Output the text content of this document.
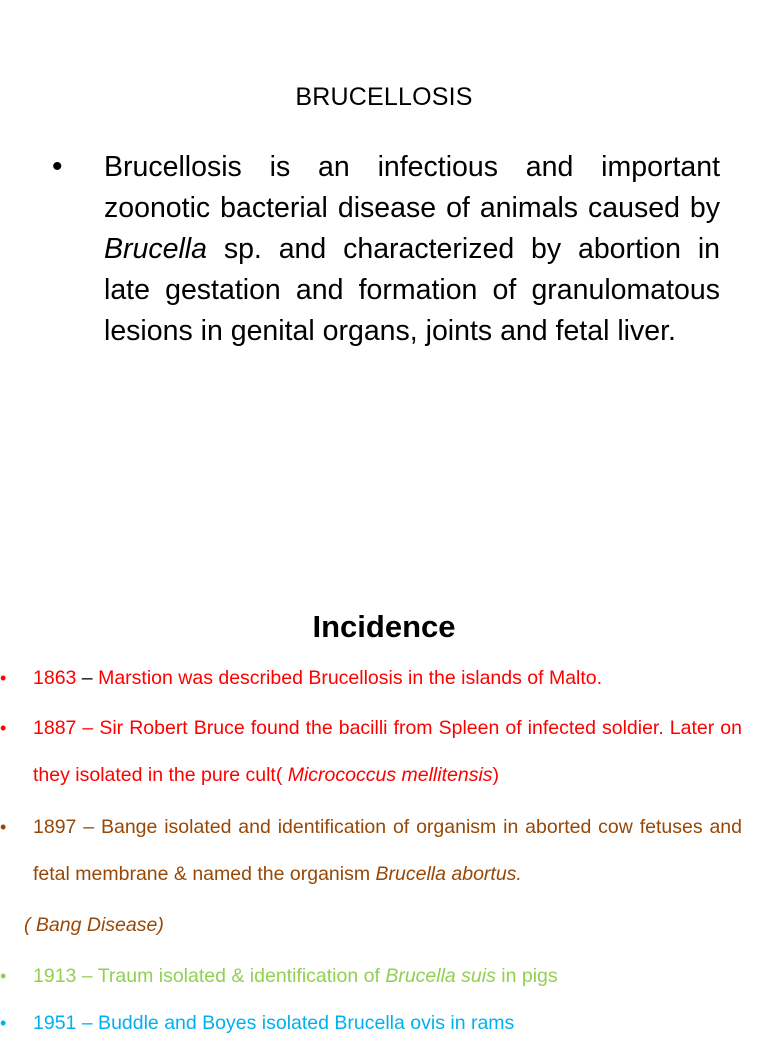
BRUCELLOSIS
• Brucellosis is an infectious and important zoonotic bacterial disease of animals caused by Brucella sp. and characterized by abortion in late gestation and formation of granulomatous lesions in genital organs, joints and fetal liver.
Incidence
• 1863 – Marstion was described Brucellosis in the islands of Malto.
• 1887 – Sir Robert Bruce found the bacilli from Spleen of infected soldier. Later on they isolated in the pure cult( Micrococcus mellitensis)
• 1897 – Bange isolated and identification of organism in aborted cow fetuses and fetal membrane & named the organism Brucella abortus.
( Bang Disease)
• 1913 – Traum isolated & identification of Brucella suis in pigs
• 1951 – Buddle and Boyes isolated Brucella ovis in rams
